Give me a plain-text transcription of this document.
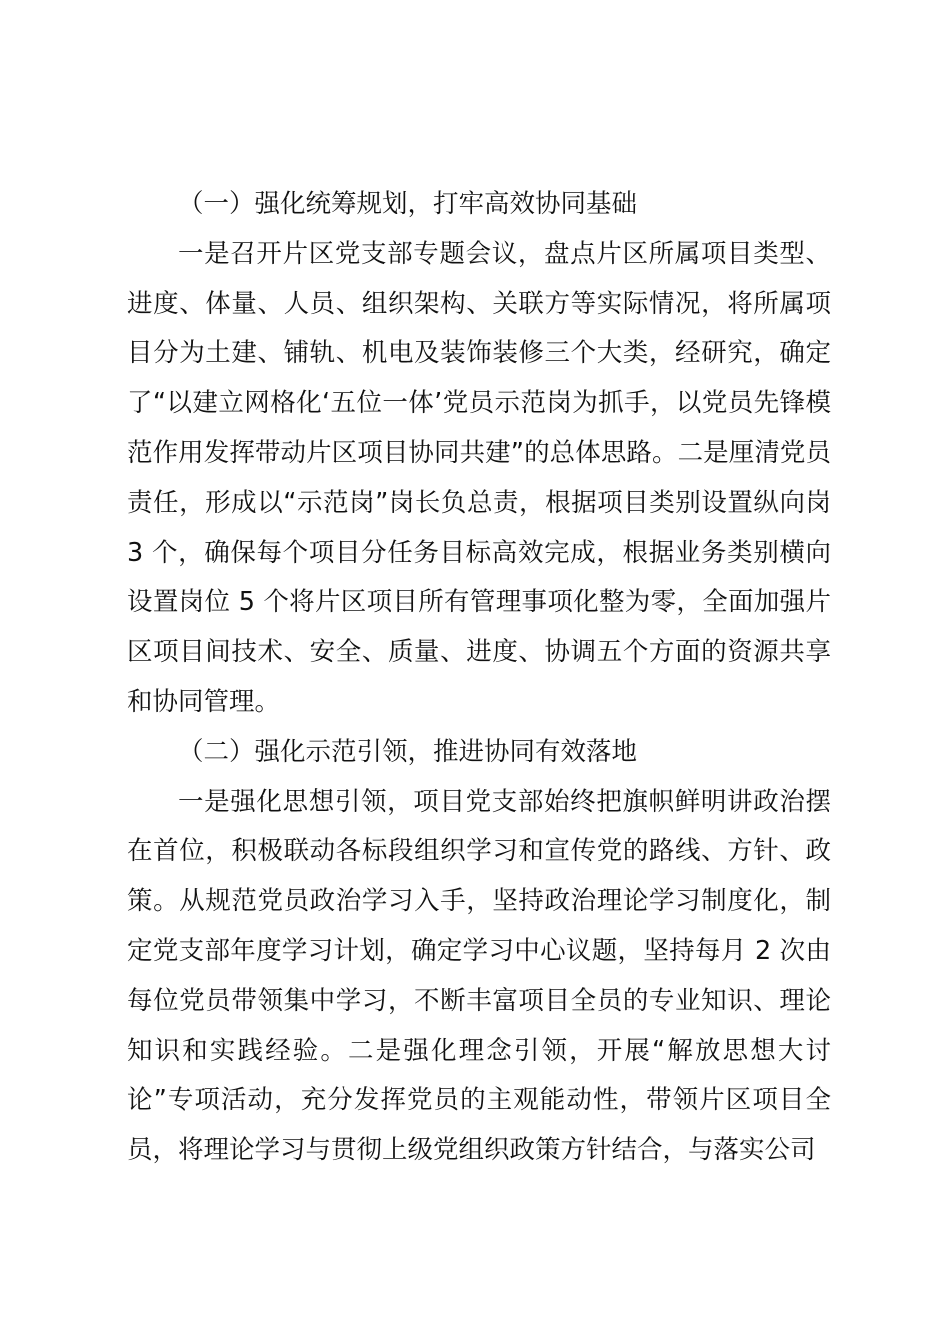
（一）强化统筹规划，打牢高效协同基础

一是召开片区党支部专题会议，盘点片区所属项目类型、进度、体量、人员、组织架构、关联方等实际情况，将所属项目分为土建、铺轨、机电及装饰装修三个大类，经研究，确定了“以建立网格化‘五位一体’党员示范岗为抓手，以党员先锋模范作用发挥带动片区项目协同共建”的总体思路。二是厘清党员责任，形成以“示范岗”岗长负总责，根据项目类别设置纵向岗 3 个，确保每个项目分任务目标高效完成，根据业务类别横向设置岗位 5 个将片区项目所有管理事项化整为零，全面加强片区项目间技术、安全、质量、进度、协调五个方面的资源共享和协同管理。

（二）强化示范引领，推进协同有效落地

一是强化思想引领，项目党支部始终把旗帜鲜明讲政治摆在首位，积极联动各标段组织学习和宣传党的路线、方针、政策。从规范党员政治学习入手，坚持政治理论学习制度化，制定党支部年度学习计划，确定学习中心议题，坚持每月 2 次由每位党员带领集中学习，不断丰富项目全员的专业知识、理论知识和实践经验。二是强化理念引领，开展“解放思想大讨论”专项活动，充分发挥党员的主观能动性，带领片区项目全员，将理论学习与贯彻上级党组织政策方针结合，与落实公司
